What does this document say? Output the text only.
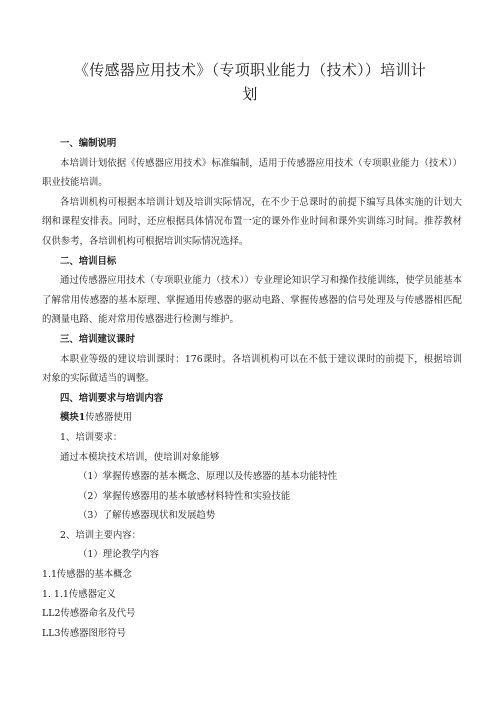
《传感器应用技术》（专项职业能力（技术））培训计
划

一、编制说明

本培训计划依据《传感器应用技术》标准编制，适用于传感器应用技术（专项职业能力（技术））职业技能培训。

各培训机构可根据本培训计划及培训实际情况，在不少于总课时的前提下编写具体实施的计划大纲和课程安排表。同时，还应根据具体情况布置一定的课外作业时间和课外实训练习时间。推荐教材仅供参考，各培训机构可根据培训实际情况选择。

二、培训目标

通过传感器应用技术（专项职业能力（技术））专业理论知识学习和操作技能训练，使学员能基本了解常用传感器的基本原理、掌握通用传感器的驱动电路、掌握传感器的信号处理及与传感器相匹配的测量电路、能对常用传感器进行检测与维护。

三、培训建议课时

本职业等级的建议培训课时：176课时。各培训机构可以在不低于建议课时的前提下，根据培训对象的实际做适当的调整。

四、培训要求与培训内容

模块1传感器使用

1、培训要求：

通过本模块技术培训，使培训对象能够

（1）掌握传感器的基本概念、原理以及传感器的基本功能特性

（2）掌握传感器用的基本敏感材料特性和实验技能

（3）了解传感器现状和发展趋势

2、培训主要内容：

（1）理论教学内容

1.1传感器的基本概念

1. 1.1传感器定义

LL2传感器命名及代号

LL3传感器图形符号
